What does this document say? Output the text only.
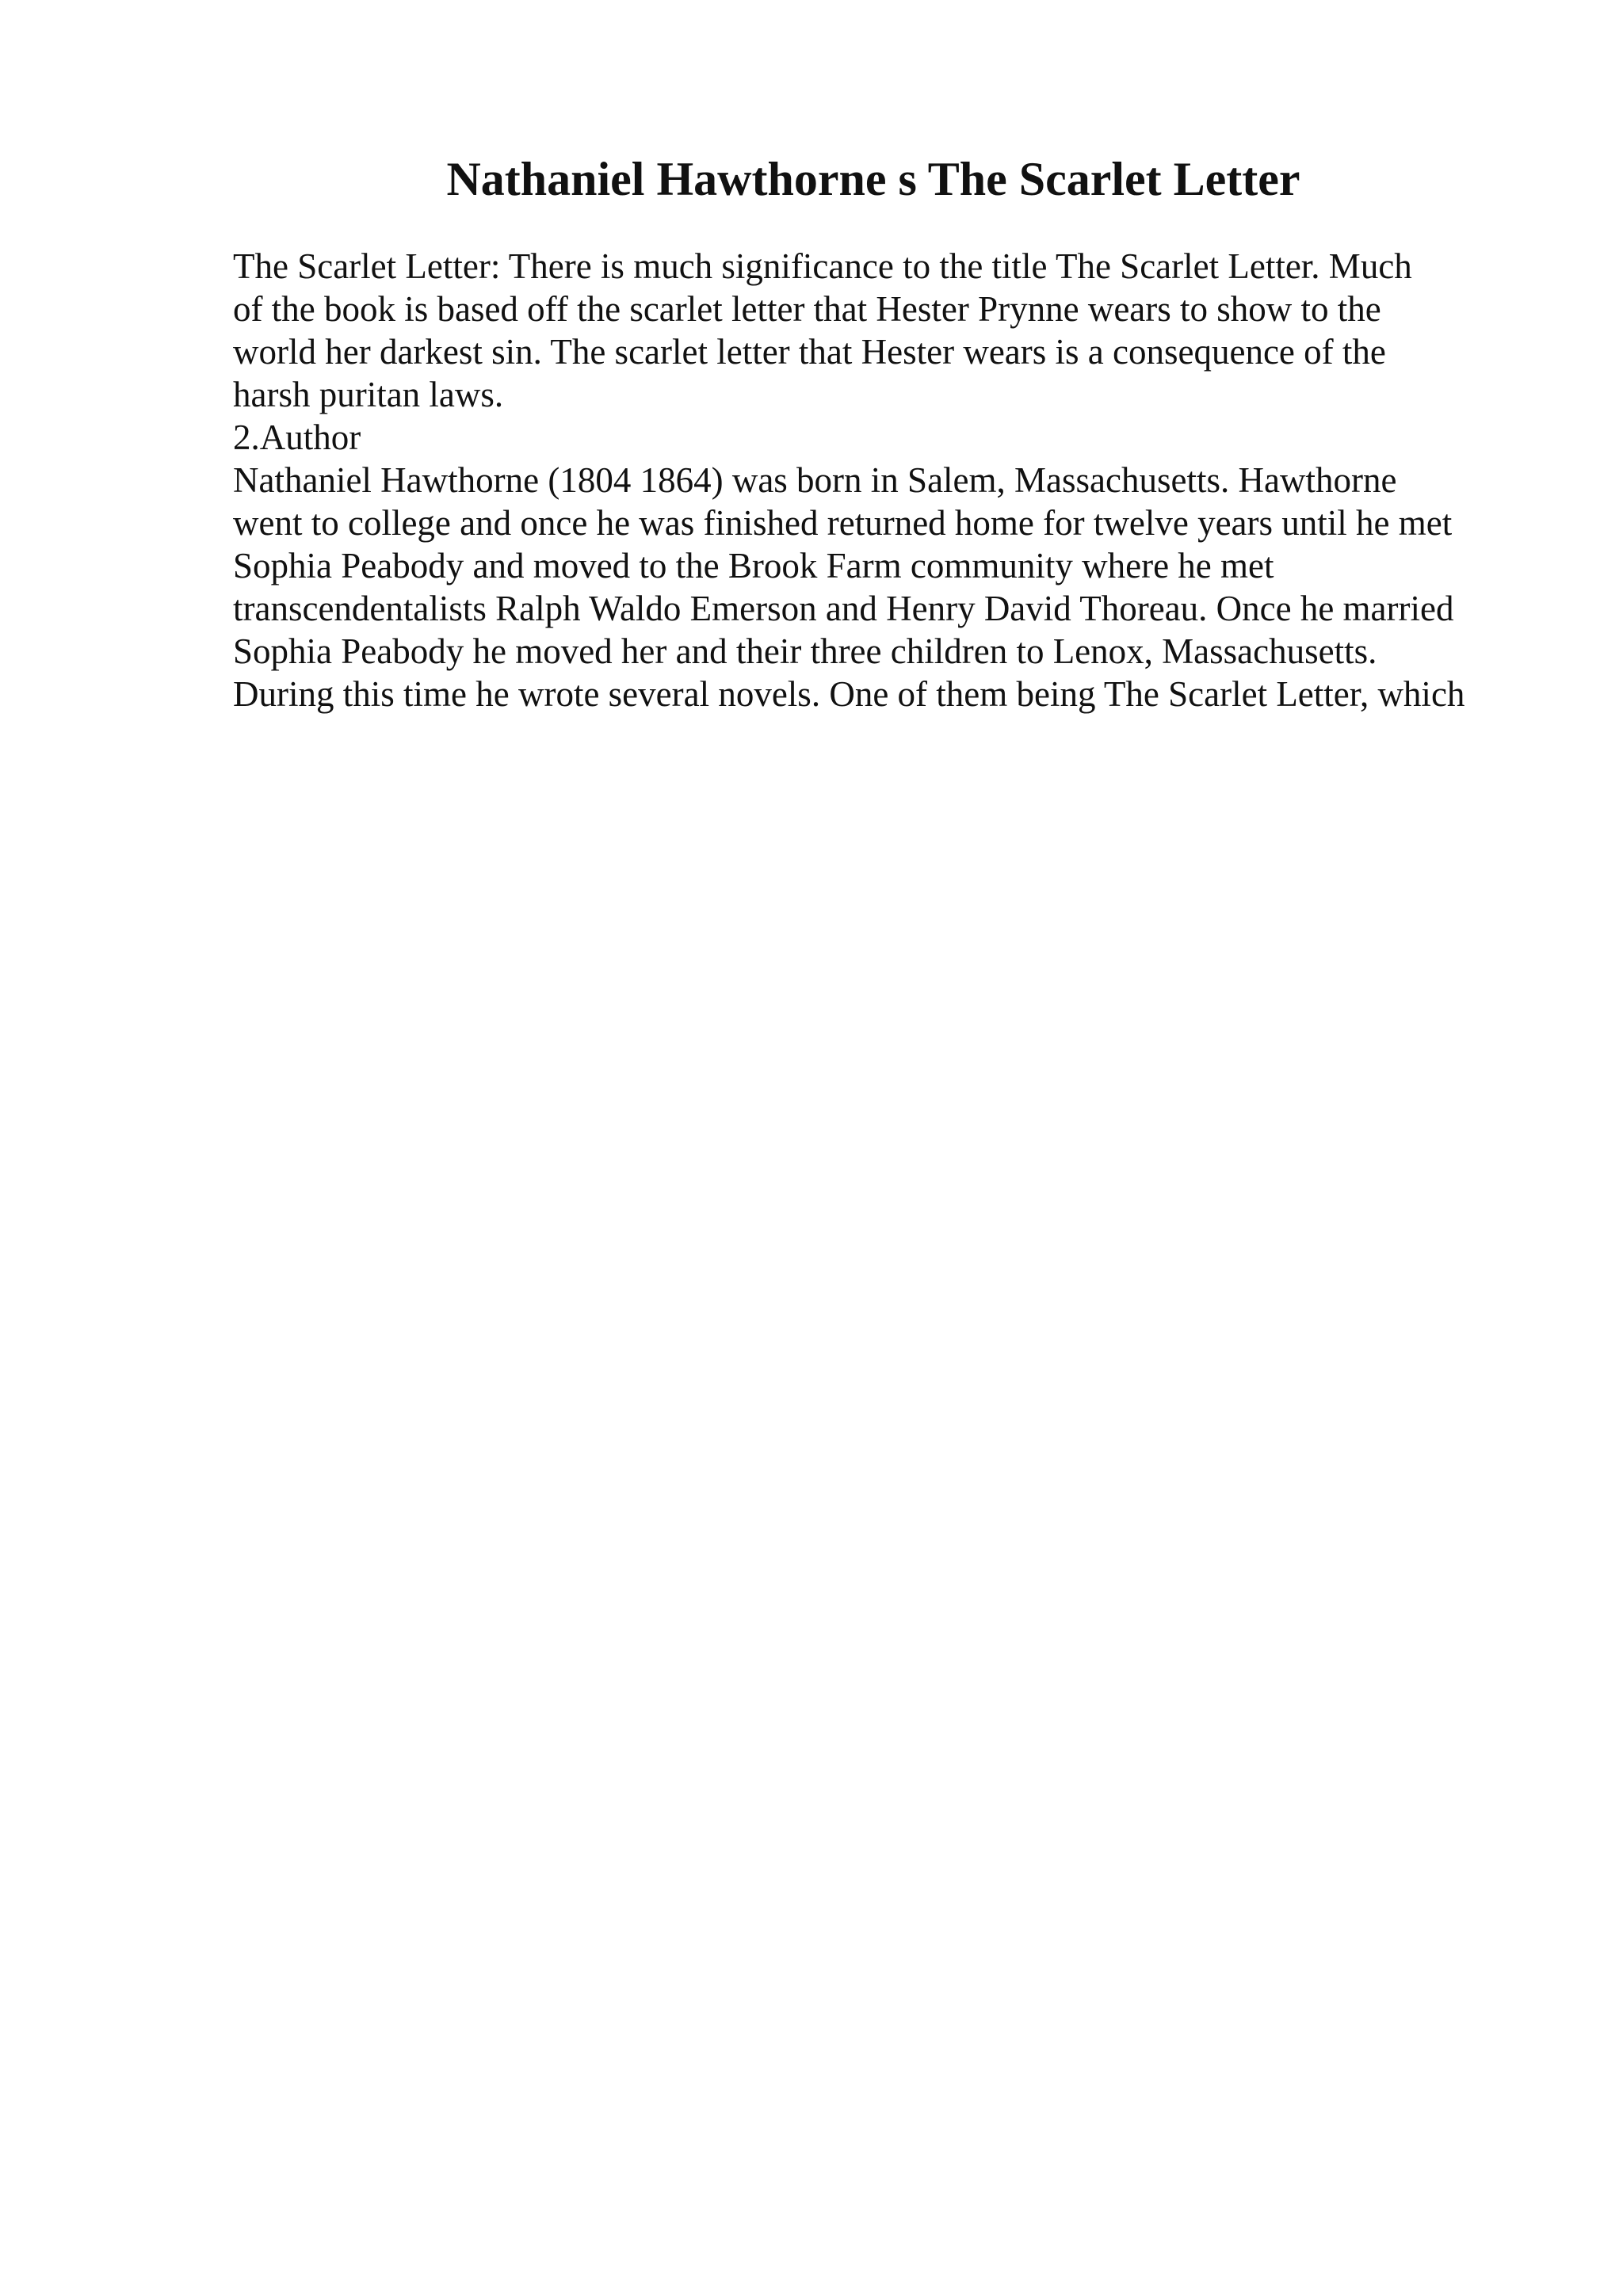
Nathaniel Hawthorne s The Scarlet Letter
The Scarlet Letter: There is much significance to the title The Scarlet Letter. Much
of the book is based off the scarlet letter that Hester Prynne wears to show to the
world her darkest sin. The scarlet letter that Hester wears is a consequence of the
harsh puritan laws.
2.Author
Nathaniel Hawthorne (1804 1864) was born in Salem, Massachusetts. Hawthorne
went to college and once he was finished returned home for twelve years until he met
Sophia Peabody and moved to the Brook Farm community where he met
transcendentalists Ralph Waldo Emerson and Henry David Thoreau. Once he married
Sophia Peabody he moved her and their three children to Lenox, Massachusetts.
During this time he wrote several novels. One of them being The Scarlet Letter, which
